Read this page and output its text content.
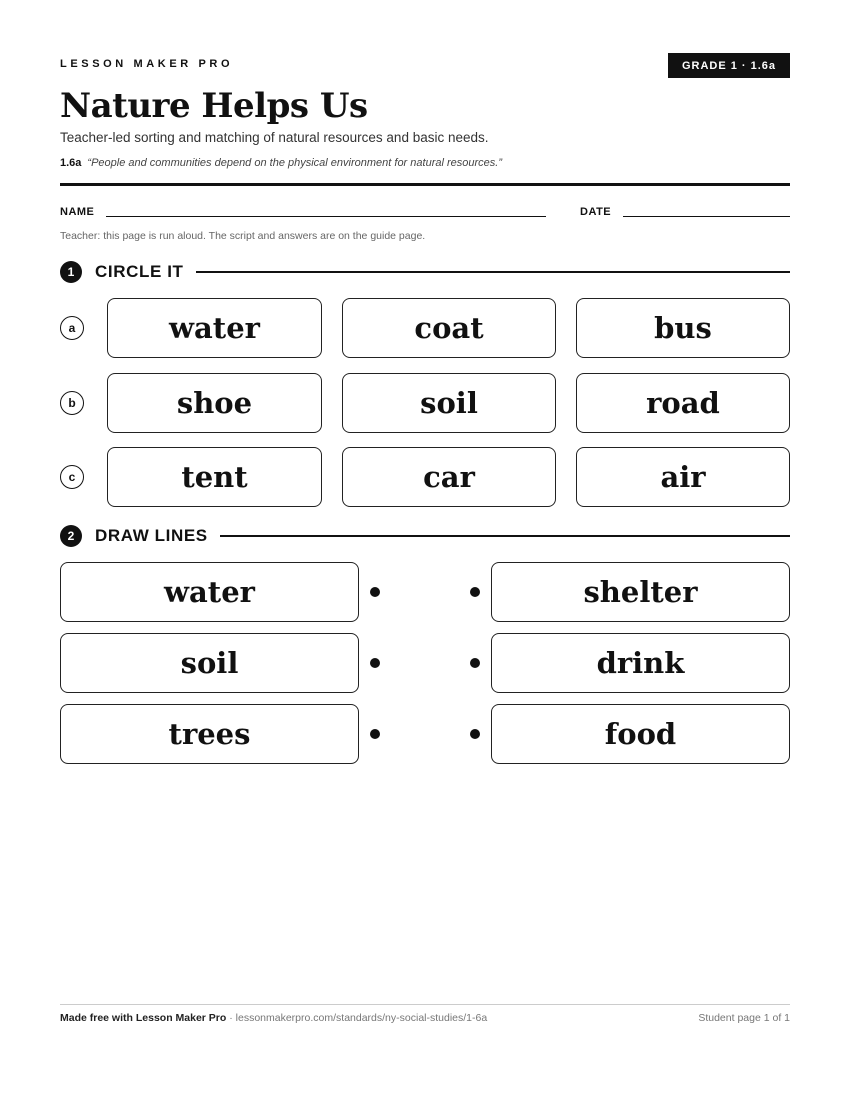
LESSON MAKER PRO	GRADE 1 · 1.6a
Nature Helps Us
Teacher-led sorting and matching of natural resources and basic needs.
1.6a “People and communities depend on the physical environment for natural resources.”
NAME	DATE
Teacher: this page is run aloud. The script and answers are on the guide page.
1	CIRCLE IT
a	water	coat	bus
b	shoe	soil	road
c	tent	car	air
2	DRAW LINES
water	shelter
soil	drink
trees	food
Made free with Lesson Maker Pro · lessonmakerpro.com/standards/ny-social-studies/1-6a	Student page 1 of 1
